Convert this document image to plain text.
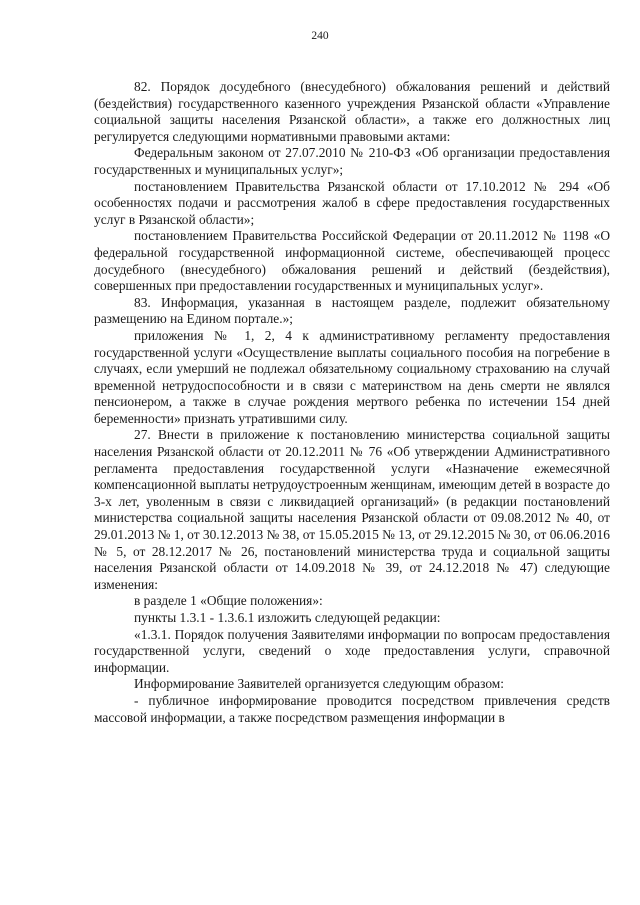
240

82. Порядок досудебного (внесудебного) обжалования решений и действий (бездействия) государственного казенного учреждения Рязанской области «Управление социальной защиты населения Рязанской области», а также его должностных лиц регулируется следующими нормативными правовыми актами:

Федеральным законом от 27.07.2010 № 210-ФЗ «Об организации предоставления государственных и муниципальных услуг»;

постановлением Правительства Рязанской области от 17.10.2012 № 294 «Об особенностях подачи и рассмотрения жалоб в сфере предоставления государственных услуг в Рязанской области»;

постановлением Правительства Российской Федерации от 20.11.2012 № 1198 «О федеральной государственной информационной системе, обеспечивающей процесс досудебного (внесудебного) обжалования решений и действий (бездействия), совершенных при предоставлении государственных и муниципальных услуг».

83. Информация, указанная в настоящем разделе, подлежит обязательному размещению на Едином портале.»;

приложения № 1, 2, 4 к административному регламенту предоставления государственной услуги «Осуществление выплаты социального пособия на погребение в случаях, если умерший не подлежал обязательному социальному страхованию на случай временной нетрудоспособности и в связи с материнством на день смерти не являлся пенсионером, а также в случае рождения мертвого ребенка по истечении 154 дней беременности» признать утратившими силу.

27. Внести в приложение к постановлению министерства социальной защиты населения Рязанской области от 20.12.2011 № 76 «Об утверждении Административного регламента предоставления государственной услуги «Назначение ежемесячной компенсационной выплаты нетрудоустроенным женщинам, имеющим детей в возрасте до 3-х лет, уволенным в связи с ликвидацией организаций» (в редакции постановлений министерства социальной защиты населения Рязанской области от 09.08.2012 № 40, от 29.01.2013 № 1, от 30.12.2013 № 38, от 15.05.2015 № 13, от 29.12.2015 № 30, от 06.06.2016 № 5, от 28.12.2017 № 26, постановлений министерства труда и социальной защиты населения Рязанской области от 14.09.2018 № 39, от 24.12.2018 № 47) следующие изменения:

в разделе 1 «Общие положения»:

пункты 1.3.1 - 1.3.6.1 изложить следующей редакции:

«1.3.1. Порядок получения Заявителями информации по вопросам предоставления государственной услуги, сведений о ходе предоставления услуги, справочной информации.

Информирование Заявителей организуется следующим образом:

- публичное информирование проводится посредством привлечения средств массовой информации, а также посредством размещения информации в
